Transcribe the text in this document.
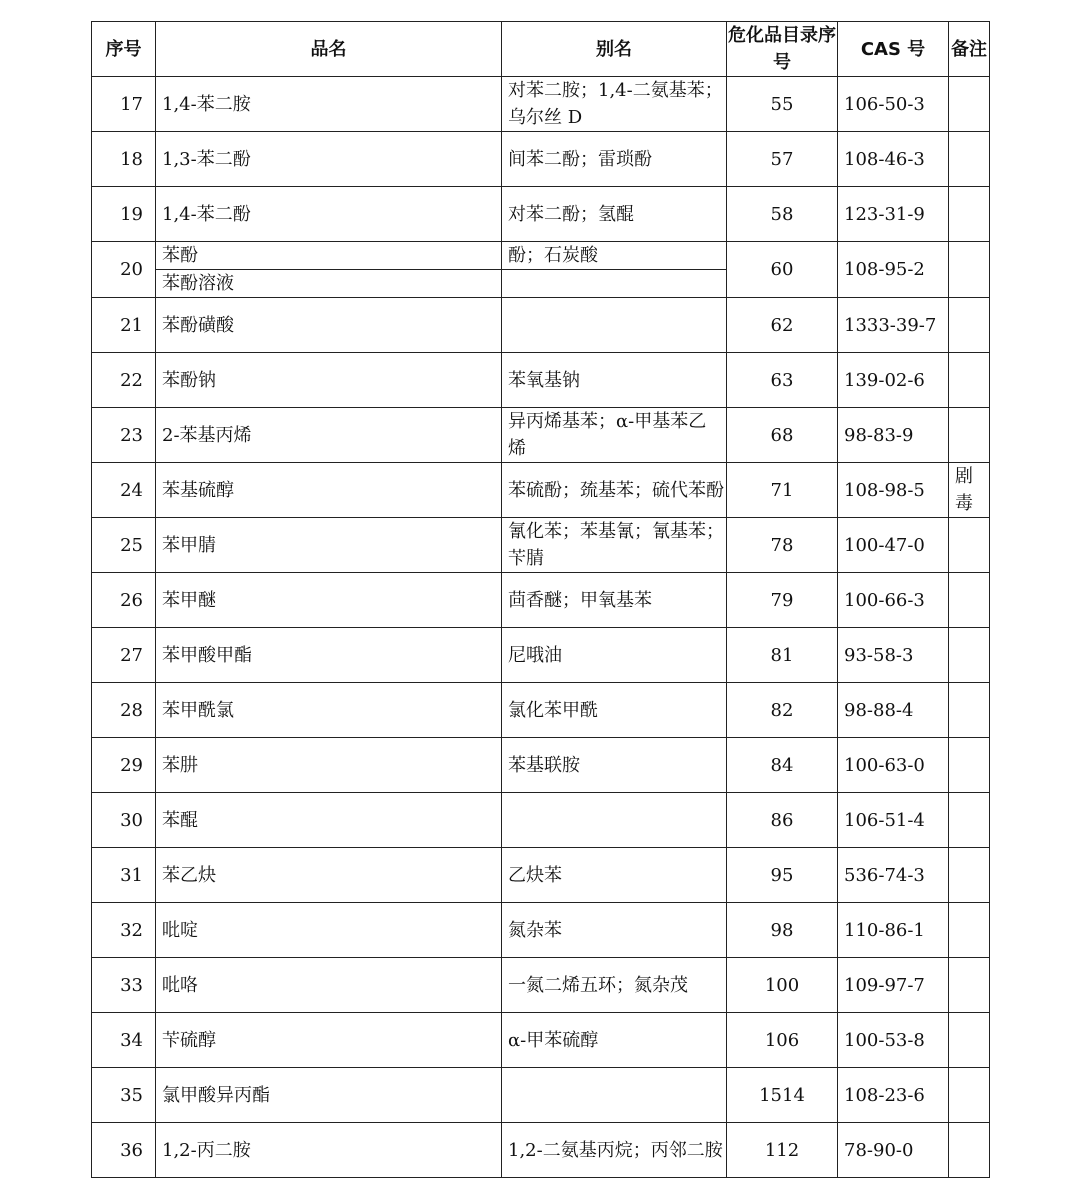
序号	品名	别名	危化品目录序号	CAS 号	备注
17	1,4-苯二胺	对苯二胺；1,4-二氨基苯；乌尔丝 D	55	106-50-3	
18	1,3-苯二酚	间苯二酚；雷琐酚	57	108-46-3	
19	1,4-苯二酚	对苯二酚；氢醌	58	123-31-9	
20	苯酚	酚；石炭酸	60	108-95-2	
	苯酚溶液				
21	苯酚磺酸		62	1333-39-7	
22	苯酚钠	苯氧基钠	63	139-02-6	
23	2-苯基丙烯	异丙烯基苯；α-甲基苯乙烯	68	98-83-9	
24	苯基硫醇	苯硫酚；巯基苯；硫代苯酚	71	108-98-5	剧毒
25	苯甲腈	氰化苯；苯基氰；氰基苯；苄腈	78	100-47-0	
26	苯甲醚	茴香醚；甲氧基苯	79	100-66-3	
27	苯甲酸甲酯	尼哦油	81	93-58-3	
28	苯甲酰氯	氯化苯甲酰	82	98-88-4	
29	苯肼	苯基联胺	84	100-63-0	
30	苯醌		86	106-51-4	
31	苯乙炔	乙炔苯	95	536-74-3	
32	吡啶	氮杂苯	98	110-86-1	
33	吡咯	一氮二烯五环；氮杂茂	100	109-97-7	
34	苄硫醇	α-甲苯硫醇	106	100-53-8	
35	氯甲酸异丙酯		1514	108-23-6	
36	1,2-丙二胺	1,2-二氨基丙烷；丙邻二胺	112	78-90-0	
